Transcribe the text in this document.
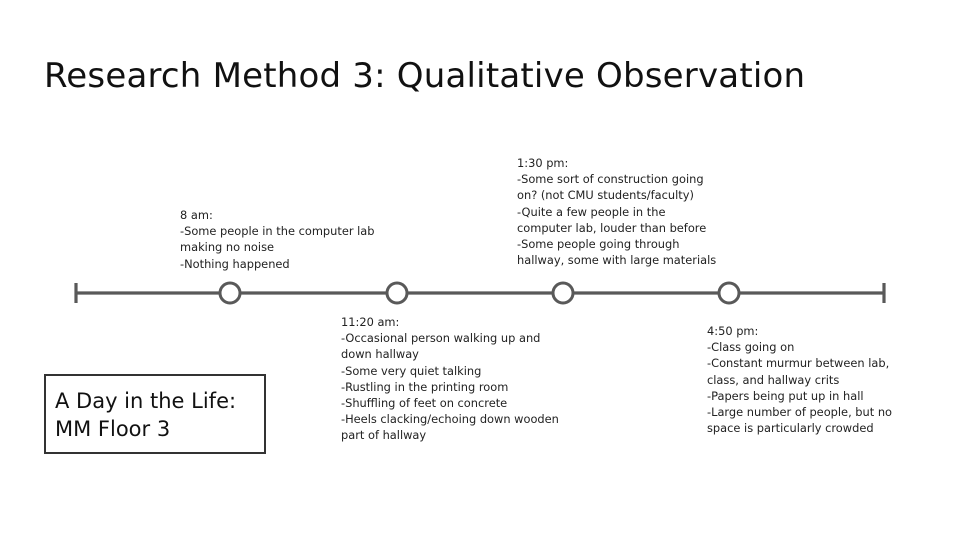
Research Method 3: Qualitative Observation
8 am:
-Some people in the computer lab
making no noise
-Nothing happened
11:20 am:
-Occasional person walking up and
down hallway
-Some very quiet talking
-Rustling in the printing room
-Shuffling of feet on concrete
-Heels clacking/echoing down wooden
part of hallway
1:30 pm:
-Some sort of construction going
on? (not CMU students/faculty)
-Quite a few people in the
computer lab, louder than before
-Some people going through
hallway, some with large materials
4:50 pm:
-Class going on
-Constant murmur between lab,
class, and hallway crits
-Papers being put up in hall
-Large number of people, but no
space is particularly crowded
A Day in the Life:
MM Floor 3
